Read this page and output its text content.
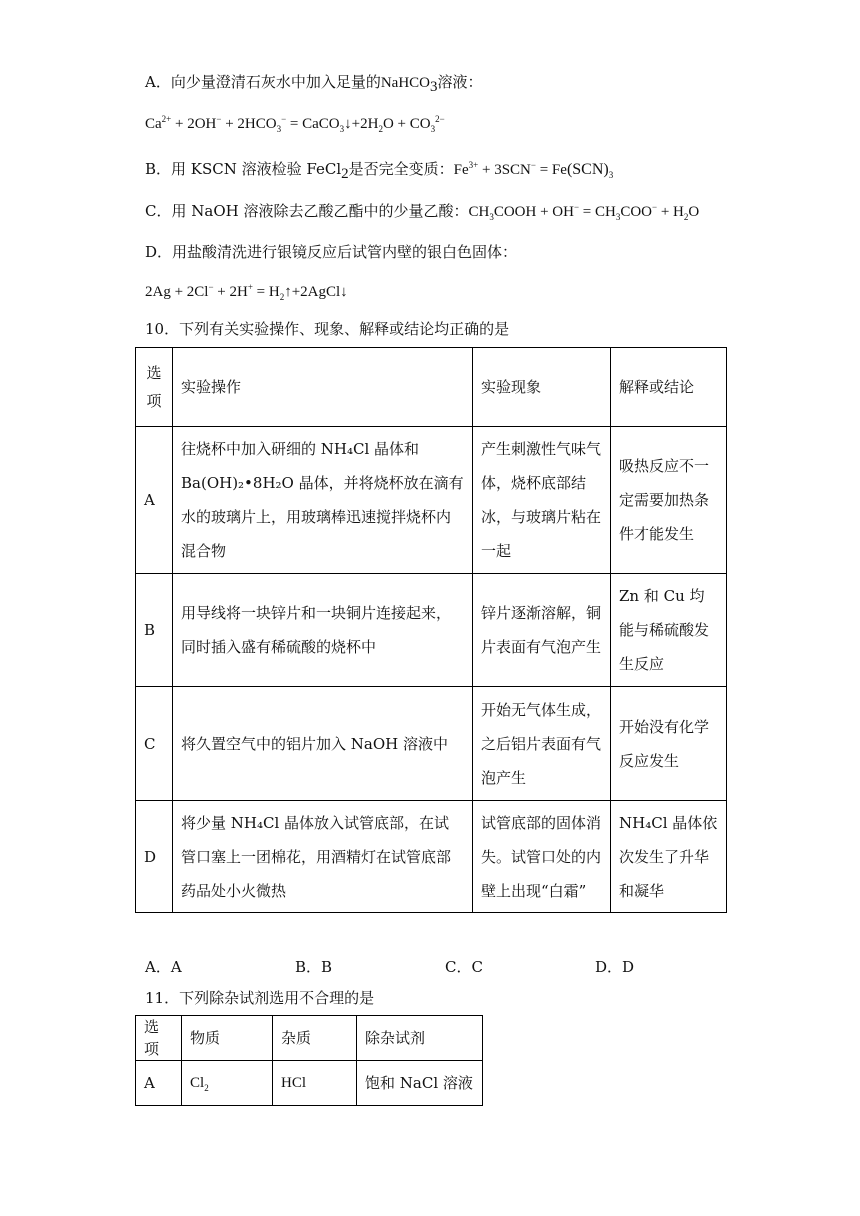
A．向少量澄清石灰水中加入足量的NaHCO$_3$溶液：
$Ca^{2+} + 2OH^- + 2HCO_3^-$ = $CaCO_3↓+2H_2O + CO_3^{2-}$
B．用 KSCN 溶液检验 FeCl$_2$是否完全变质：$Fe^{3+} + 3SCN^- = Fe(SCN)_3$
C．用 NaOH 溶液除去乙酸乙酯中的少量乙酸：$CH_3COOH + OH^- = CH_3COO^- + H_2O$
D．用盐酸清洗进行银镜反应后试管内壁的银白色固体：
$2Ag + 2Cl^- + 2H^+ = H_2↑+2AgCl↓$
10．下列有关实验操作、现象、解释或结论均正确的是
选
项	实验操作	实验现象	解释或结论
A	往烧杯中加入研细的 NH₄Cl 晶体和 Ba(OH)₂•8H₂O 晶体，并将烧杯放在滴有水的玻璃片上，用玻璃棒迅速搅拌烧杯内混合物	产生刺激性气味气体，烧杯底部结冰，与玻璃片粘在一起	吸热反应不一定需要加热条件才能发生
B	用导线将一块锌片和一块铜片连接起来，同时插入盛有稀硫酸的烧杯中	锌片逐渐溶解，铜片表面有气泡产生	Zn 和 Cu 均能与稀硫酸发生反应
C	将久置空气中的铝片加入 NaOH 溶液中	开始无气体生成，之后铝片表面有气泡产生	开始没有化学反应发生
D	将少量 NH₄Cl 晶体放入试管底部，在试管口塞上一团棉花，用酒精灯在试管底部药品处小火微热	试管底部的固体消失。试管口处的内壁上出现“白霜”	NH₄Cl 晶体依次发生了升华和凝华
A．A	B．B	C．C	D．D
11．下列除杂试剂选用不合理的是
选项	物质	杂质	除杂试剂
A	$Cl_2$	HCl	饱和 NaCl 溶液
